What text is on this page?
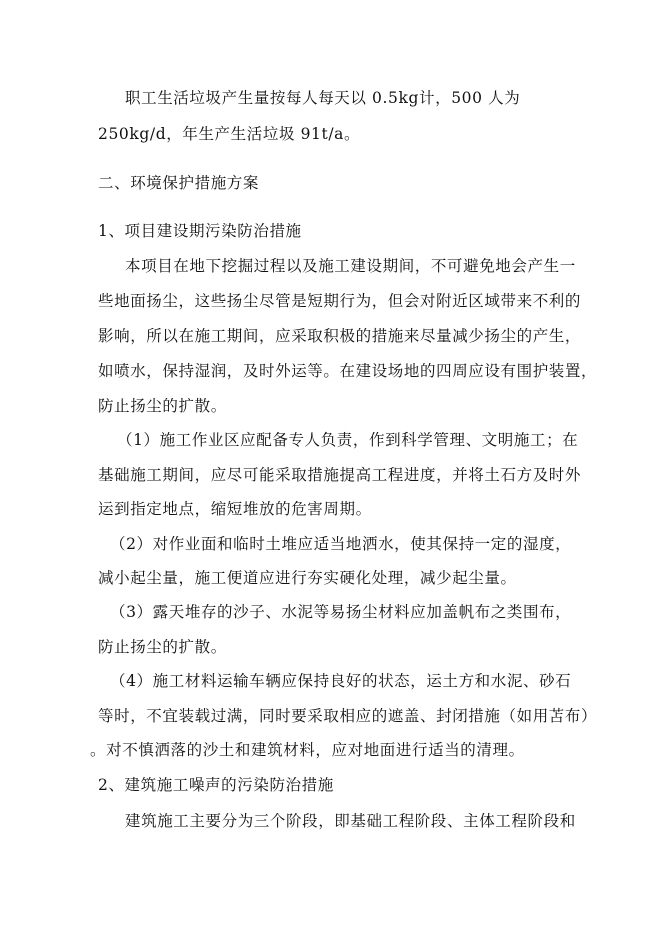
职工生活垃圾产生量按每人每天以 0.5kg计，500 人为
250kg/d，年生产生活垃圾 91t/a。
二、环境保护措施方案
1、项目建设期污染防治措施
本项目在地下挖掘过程以及施工建设期间，不可避免地会产生一
些地面扬尘，这些扬尘尽管是短期行为，但会对附近区域带来不利的
影响，所以在施工期间，应采取积极的措施来尽量减少扬尘的产生，
如喷水，保持湿润，及时外运等。在建设场地的四周应设有围护装置，
防止扬尘的扩散。
（1）施工作业区应配备专人负责，作到科学管理、文明施工；在
基础施工期间，应尽可能采取措施提高工程进度，并将土石方及时外
运到指定地点，缩短堆放的危害周期。
（2）对作业面和临时土堆应适当地洒水，使其保持一定的湿度，
减小起尘量，施工便道应进行夯实硬化处理，减少起尘量。
（3）露天堆存的沙子、水泥等易扬尘材料应加盖帆布之类围布，
防止扬尘的扩散。
（4）施工材料运输车辆应保持良好的状态，运土方和水泥、砂石
等时，不宜装载过满，同时要采取相应的遮盖、封闭措施（如用苫布）
。对不慎洒落的沙土和建筑材料，应对地面进行适当的清理。
2、建筑施工噪声的污染防治措施
建筑施工主要分为三个阶段，即基础工程阶段、主体工程阶段和
